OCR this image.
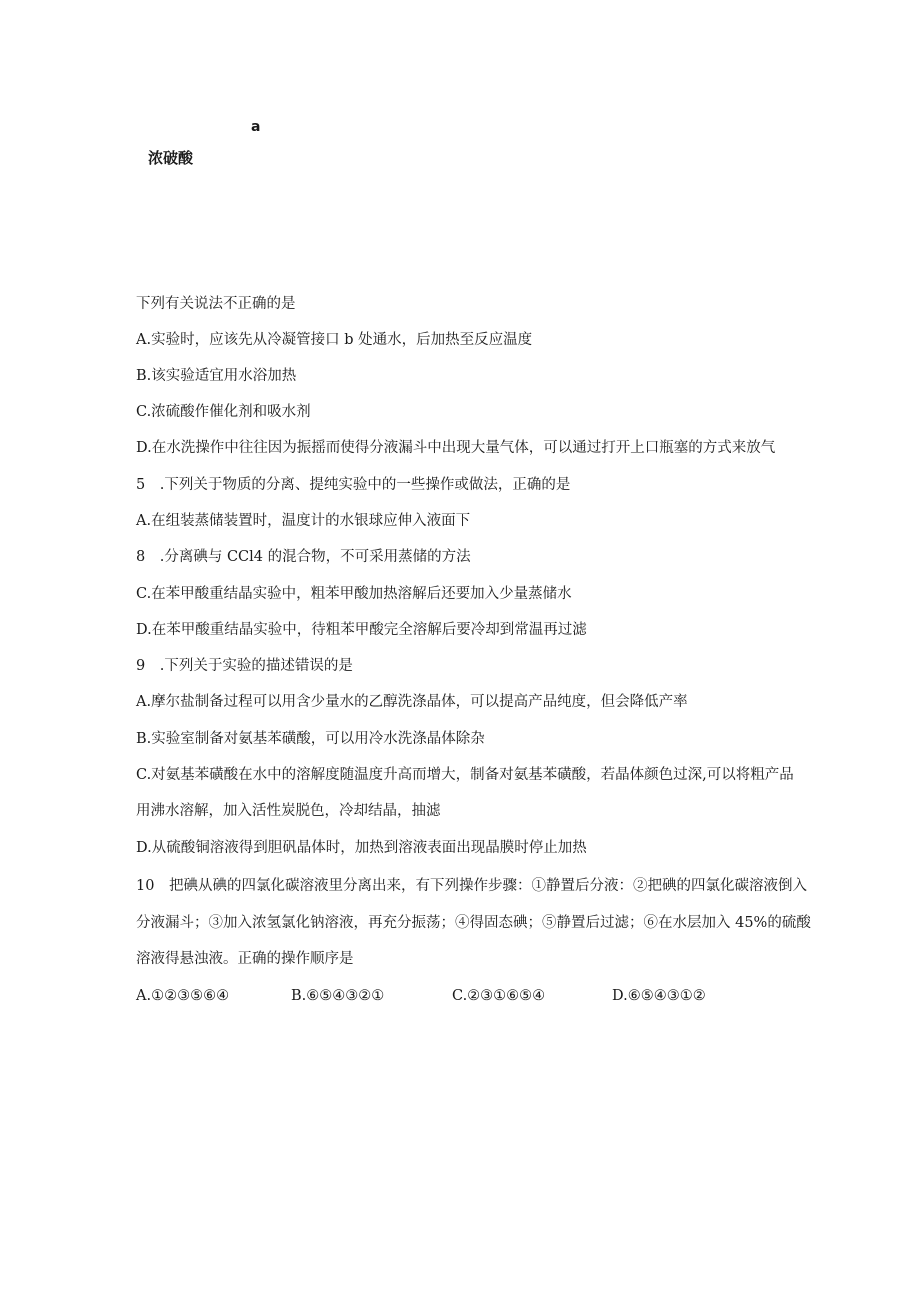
a
浓破酸
下列有关说法不正确的是
A.实验时，应该先从冷凝管接口 b 处通水，后加热至反应温度
B.该实验适宜用水浴加热
C.浓硫酸作催化剂和吸水剂
D.在水洗操作中往往因为振摇而使得分液漏斗中出现大量气体，可以通过打开上口瓶塞的方式来放气
5　.下列关于物质的分离、提纯实验中的一些操作或做法，正确的是
A.在组装蒸储装置时，温度计的水银球应伸入液面下
8　.分离碘与 CCl4 的混合物，不可采用蒸储的方法
C.在苯甲酸重结晶实验中，粗苯甲酸加热溶解后还要加入少量蒸储水
D.在苯甲酸重结晶实验中，待粗苯甲酸完全溶解后要冷却到常温再过滤
9　.下列关于实验的描述错误的是
A.摩尔盐制备过程可以用含少量水的乙醇洗涤晶体，可以提高产品纯度，但会降低产率
B.实验室制备对氨基苯磺酸，可以用冷水洗涤晶体除杂
C.对氨基苯磺酸在水中的溶解度随温度升高而增大，制备对氨基苯磺酸，若晶体颜色过深,可以将粗产品
用沸水溶解，加入活性炭脱色，冷却结晶，抽滤
D.从硫酸铜溶液得到胆矾晶体时，加热到溶液表面出现晶膜时停止加热
10　把碘从碘的四氯化碳溶液里分离出来，有下列操作步骤：①静置后分液：②把碘的四氯化碳溶液倒入
分液漏斗；③加入浓氢氯化钠溶液，再充分振荡；④得固态碘；⑤静置后过滤；⑥在水层加入 45%的硫酸
溶液得悬浊液。正确的操作顺序是
A.①②③⑤⑥④	B.⑥⑤④③②①	C.②③①⑥⑤④	D.⑥⑤④③①②
